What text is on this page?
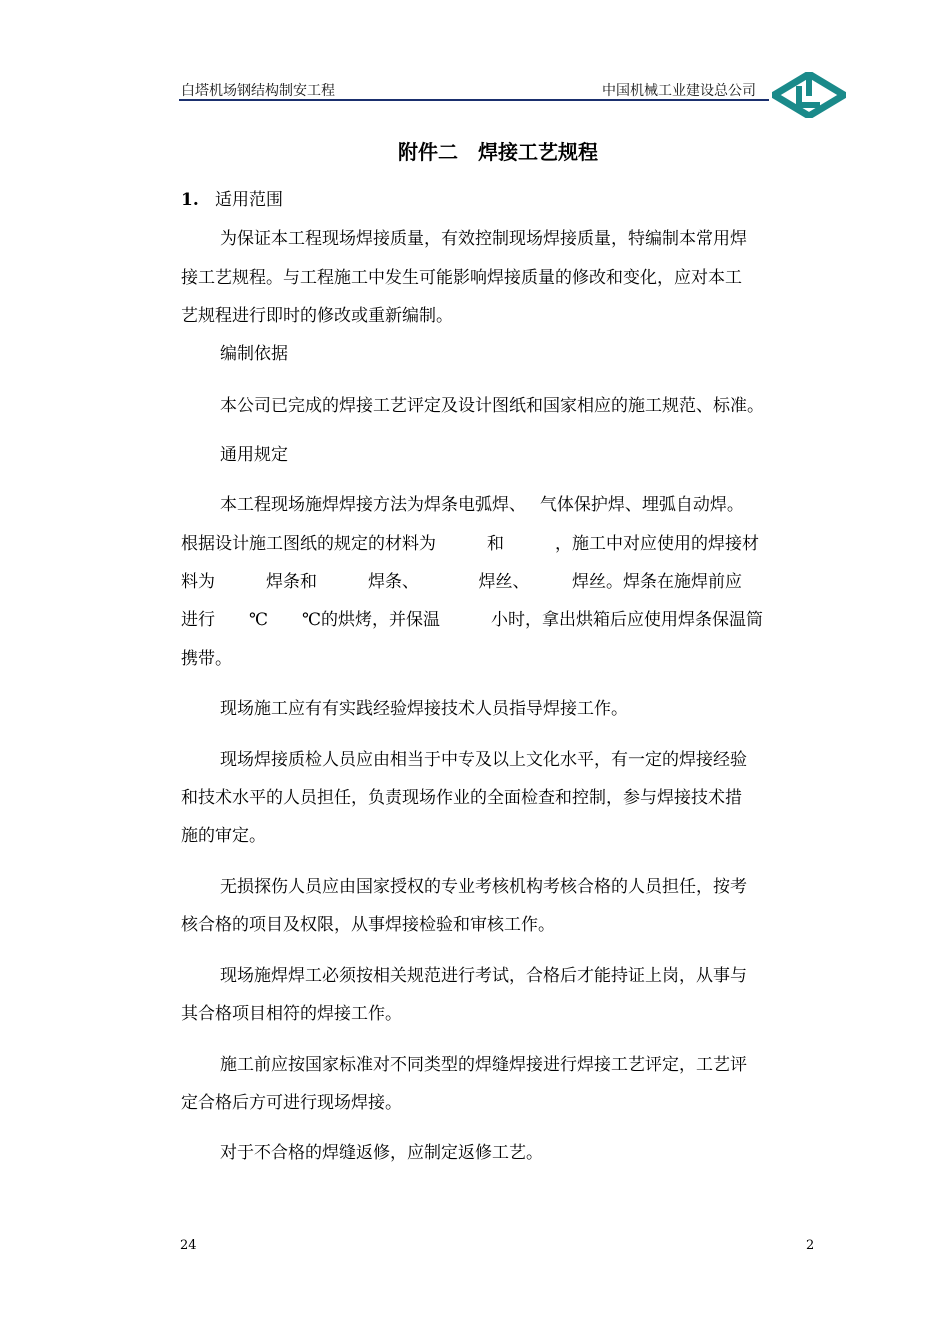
白塔机场钢结构制安工程	中国机械工业建设总公司
附件二　焊接工艺规程
1. 适用范围
为保证本工程现场焊接质量，有效控制现场焊接质量，特编制本常用焊
接工艺规程。与工程施工中发生可能影响焊接质量的修改和变化，应对本工
艺规程进行即时的修改或重新编制。
编制依据
本公司已完成的焊接工艺评定及设计图纸和国家相应的施工规范、标准。
通用规定
本工程现场施焊焊接方法为焊条电弧焊、　 气体保护焊、埋弧自动焊。
根据设计施工图纸的规定的材料为　　　和　　　，施工中对应使用的焊接材
料为　　　焊条和　　　焊条、　　　　焊丝、　　　焊丝。焊条在施焊前应
进行　　℃　　℃的烘烤，并保温　　　小时，拿出烘箱后应使用焊条保温筒
携带。
现场施工应有有实践经验焊接技术人员指导焊接工作。
现场焊接质检人员应由相当于中专及以上文化水平，有一定的焊接经验
和技术水平的人员担任，负责现场作业的全面检查和控制，参与焊接技术措
施的审定。
无损探伤人员应由国家授权的专业考核机构考核合格的人员担任，按考
核合格的项目及权限，从事焊接检验和审核工作。
现场施焊焊工必须按相关规范进行考试，合格后才能持证上岗，从事与
其合格项目相符的焊接工作。
施工前应按国家标准对不同类型的焊缝焊接进行焊接工艺评定，工艺评
定合格后方可进行现场焊接。
对于不合格的焊缝返修，应制定返修工艺。
24	2
